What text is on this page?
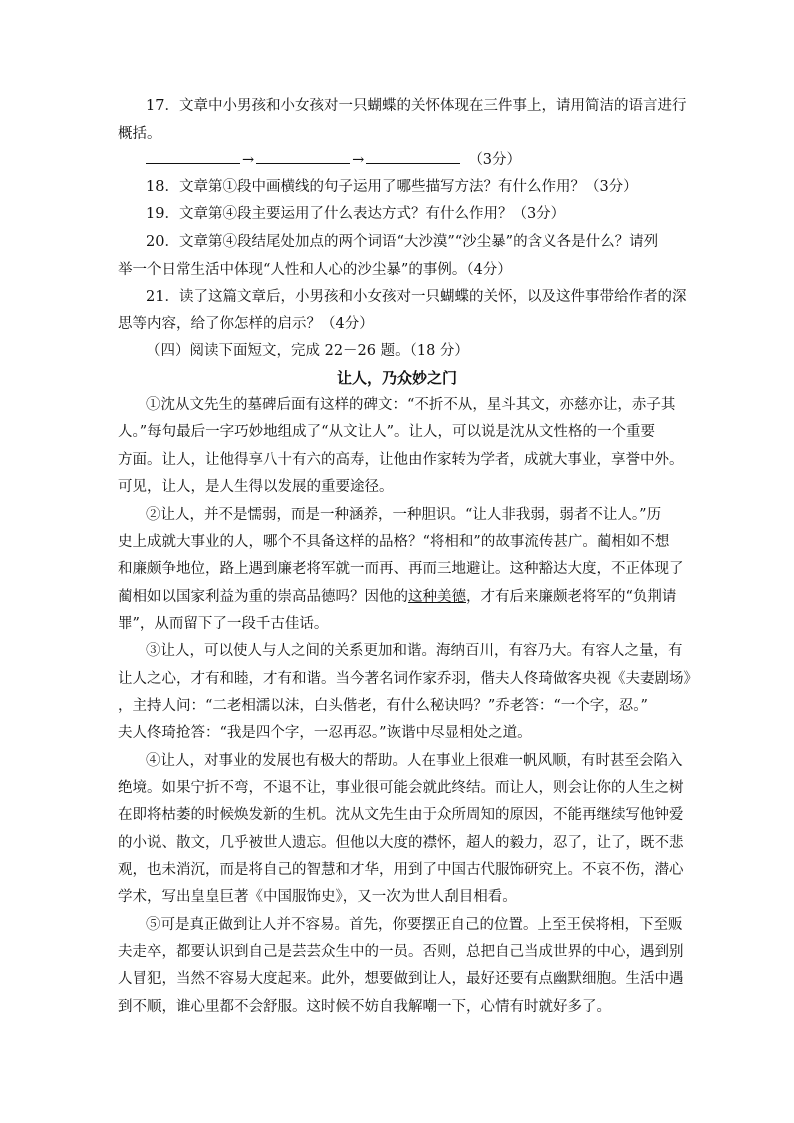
17．文章中小男孩和小女孩对一只蝴蝶的关怀体现在三件事上，请用简洁的语言进行
概括。
→	→	（3分）
18．文章第①段中画横线的句子运用了哪些描写方法？有什么作用？（3分）
19．文章第④段主要运用了什么表达方式？有什么作用？（3分）
20．文章第④段结尾处加点的两个词语“大沙漠”“沙尘暴”的含义各是什么？请列
举一个日常生活中体现“人性和人心的沙尘暴”的事例。（4分）
21．读了这篇文章后，小男孩和小女孩对一只蝴蝶的关怀，以及这件事带给作者的深
思等内容，给了你怎样的启示？（4分）
（四）阅读下面短文，完成 22－26 题。（18 分）
让人，乃众妙之门
①沈从文先生的墓碑后面有这样的碑文：“不折不从，星斗其文，亦慈亦让，赤子其
人。”每句最后一字巧妙地组成了“从文让人”。让人，可以说是沈从文性格的一个重要
方面。让人，让他得享八十有六的高寿，让他由作家转为学者，成就大事业，享誉中外。
可见，让人，是人生得以发展的重要途径。
②让人，并不是懦弱，而是一种涵养，一种胆识。“让人非我弱，弱者不让人。”历
史上成就大事业的人，哪个不具备这样的品格？“将相和”的故事流传甚广。蔺相如不想
和廉颇争地位，路上遇到廉老将军就一而再、再而三地避让。这种豁达大度，不正体现了
蔺相如以国家利益为重的崇高品德吗？因他的这种美德，才有后来廉颇老将军的“负荆请
罪”，从而留下了一段千古佳话。
③让人，可以使人与人之间的关系更加和谐。海纳百川，有容乃大。有容人之量，有
让人之心，才有和睦，才有和谐。当今著名词作家乔羽，偕夫人佟琦做客央视《夫妻剧场》
，主持人问：“二老相濡以沫，白头偕老，有什么秘诀吗？”乔老答：“一个字，忍。”
夫人佟琦抢答：“我是四个字，一忍再忍。”诙谐中尽显相处之道。
④让人，对事业的发展也有极大的帮助。人在事业上很难一帆风顺，有时甚至会陷入
绝境。如果宁折不弯，不退不让，事业很可能会就此终结。而让人，则会让你的人生之树
在即将枯萎的时候焕发新的生机。沈从文先生由于众所周知的原因，不能再继续写他钟爱
的小说、散文，几乎被世人遗忘。但他以大度的襟怀，超人的毅力，忍了，让了，既不悲
观，也未消沉，而是将自己的智慧和才华，用到了中国古代服饰研究上。不哀不伤，潜心
学术，写出皇皇巨著《中国服饰史》，又一次为世人刮目相看。
⑤可是真正做到让人并不容易。首先，你要摆正自己的位置。上至王侯将相，下至贩
夫走卒，都要认识到自己是芸芸众生中的一员。否则，总把自己当成世界的中心，遇到别
人冒犯，当然不容易大度起来。此外，想要做到让人，最好还要有点幽默细胞。生活中遇
到不顺，谁心里都不会舒服。这时候不妨自我解嘲一下，心情有时就好多了。
